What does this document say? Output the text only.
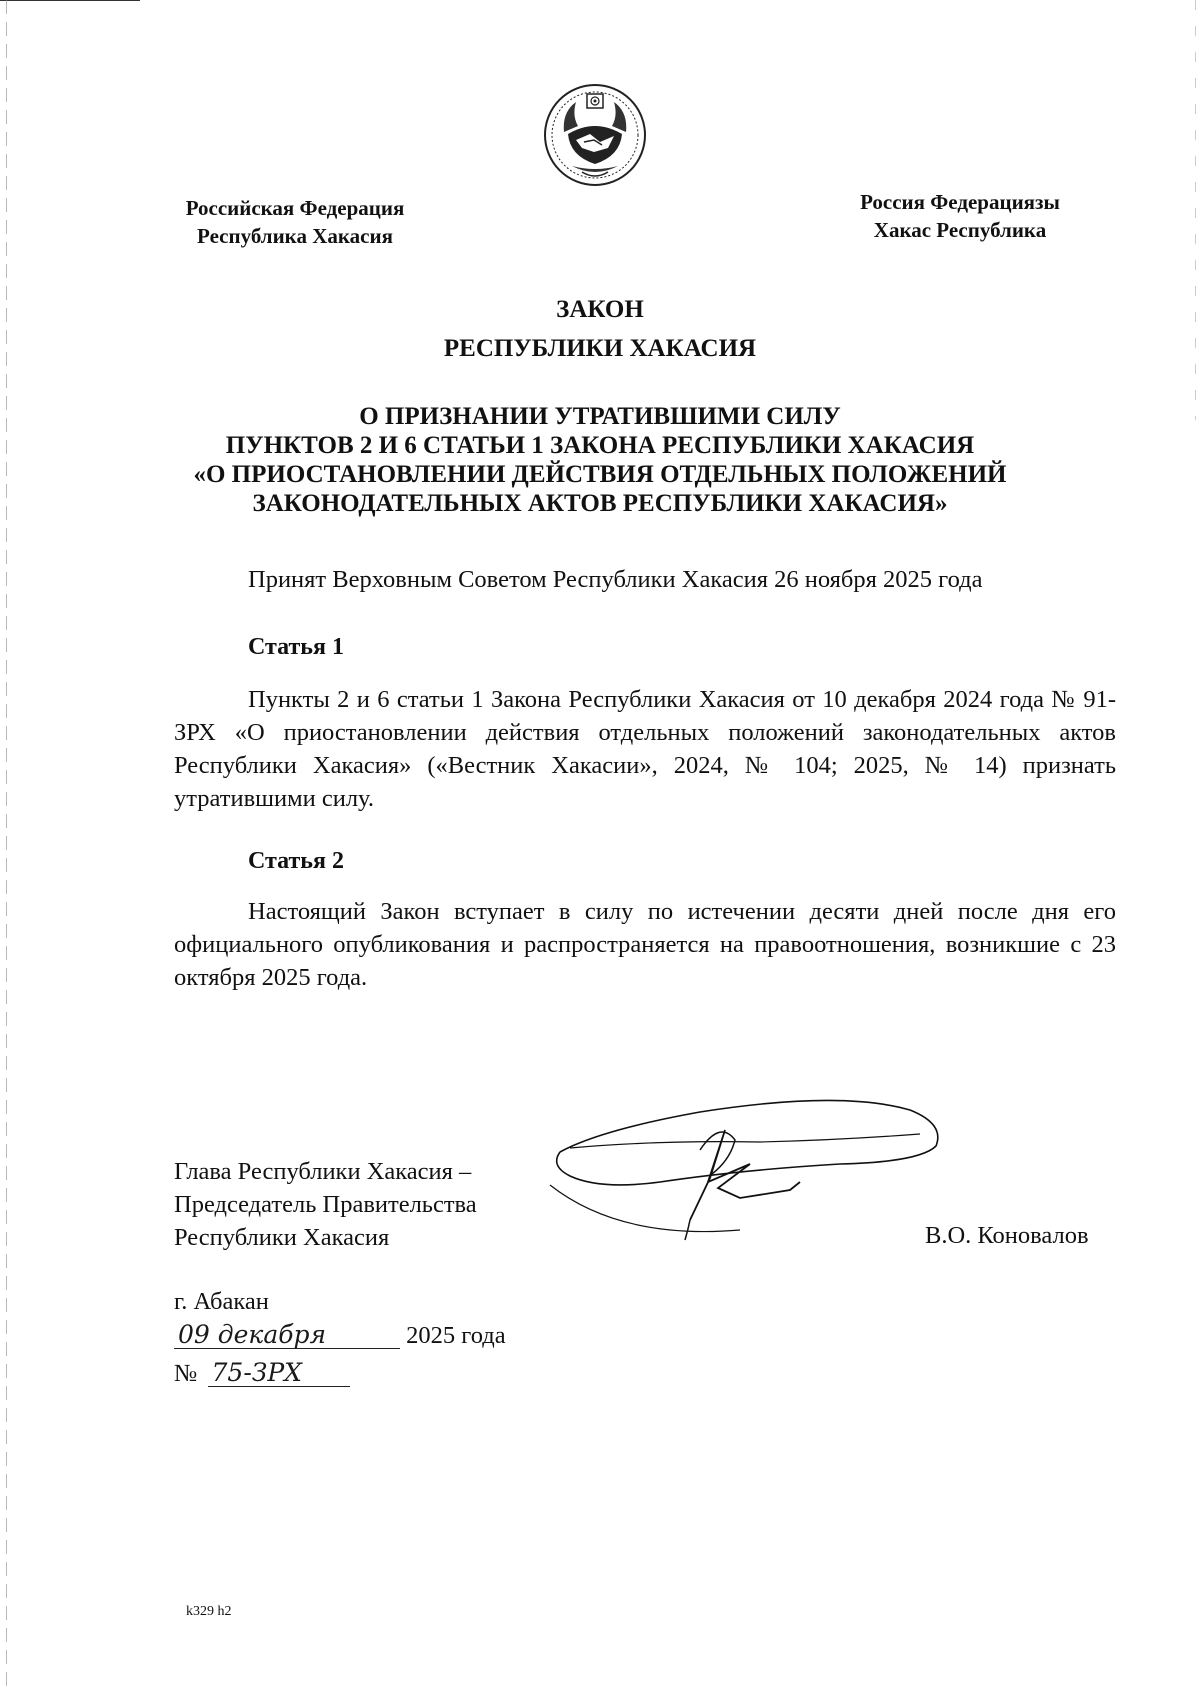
Российская Федерация
Республика Хакасия
Россия Федерациязы
Хакас Республика
ЗАКОН
РЕСПУБЛИКИ ХАКАСИЯ
О ПРИЗНАНИИ УТРАТИВШИМИ СИЛУ
ПУНКТОВ 2 И 6 СТАТЬИ 1 ЗАКОНА РЕСПУБЛИКИ ХАКАСИЯ
«О ПРИОСТАНОВЛЕНИИ ДЕЙСТВИЯ ОТДЕЛЬНЫХ ПОЛОЖЕНИЙ
ЗАКОНОДАТЕЛЬНЫХ АКТОВ РЕСПУБЛИКИ ХАКАСИЯ»
Принят Верховным Советом Республики Хакасия 26 ноября 2025 года
Статья 1
Пункты 2 и 6 статьи 1 Закона Республики Хакасия от 10 декабря 2024 года № 91-ЗРХ «О приостановлении действия отдельных положений законодательных актов Республики Хакасия» («Вестник Хакасии», 2024, № 104; 2025, № 14) признать утратившими силу.
Статья 2
Настоящий Закон вступает в силу по истечении десяти дней после дня его официального опубликования и распространяется на правоотношения, возникшие с 23 октября 2025 года.
Глава Республики Хакасия –
Председатель Правительства
Республики Хакасия	В.О. Коновалов
г. Абакан
09 декабря	2025 года
№ 75-ЗРХ
k329 h2
